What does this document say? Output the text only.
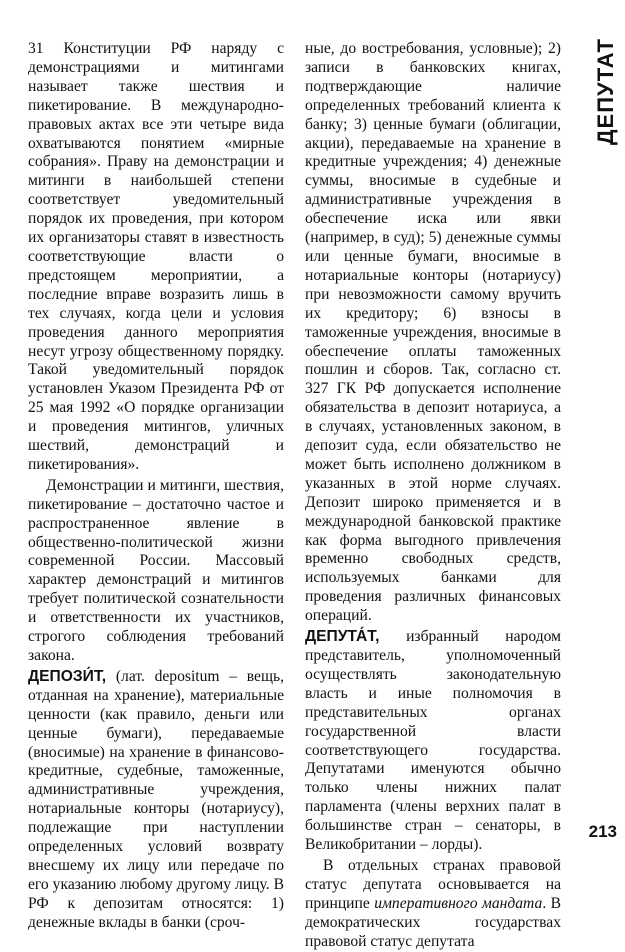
ДЕПУТАТ

31 Конституции РФ наряду с демонстрациями и митингами называет также шествия и пикетирование. В международно-правовых актах все эти четыре вида охватываются понятием «мирные собрания». Праву на демонстрации и митинги в наибольшей степени соответствует уведомительный порядок их проведения, при котором их организаторы ставят в известность соответствующие власти о предстоящем мероприятии, а последние вправе возразить лишь в тех случаях, когда цели и условия проведения данного мероприятия несут угрозу общественному порядку. Такой уведомительный порядок установлен Указом Президента РФ от 25 мая 1992 «О порядке организации и проведения митингов, уличных шествий, демонстраций и пикетирования».

Демонстрации и митинги, шествия, пикетирование – достаточно частое и распространенное явление в общественно-политической жизни современной России. Массовый характер демонстраций и митингов требует политической сознательности и ответственности их участников, строгого соблюдения требований закона.

ДЕПОЗИ́Т, (лат. depositum – вещь, отданная на хранение), материальные ценности (как правило, деньги или ценные бумаги), передаваемые (вносимые) на хранение в финансово-кредитные, судебные, таможенные, административные учреждения, нотариальные конторы (нотариусу), подлежащие при наступлении определенных условий возврату внесшему их лицу или передаче по его указанию любому другому лицу. В РФ к депозитам относятся: 1) денежные вклады в банки (сроч-

ные, до востребования, условные); 2) записи в банковских книгах, подтверждающие наличие определенных требований клиента к банку; 3) ценные бумаги (облигации, акции), передаваемые на хранение в кредитные учреждения; 4) денежные суммы, вносимые в судебные и административные учреждения в обеспечение иска или явки (например, в суд); 5) денежные суммы или ценные бумаги, вносимые в нотариальные конторы (нотариусу) при невозможности самому вручить их кредитору; 6) взносы в таможенные учреждения, вносимые в обеспечение оплаты таможенных пошлин и сборов. Так, согласно ст. 327 ГК РФ допускается исполнение обязательства в депозит нотариуса, а в случаях, установленных законом, в депозит суда, если обязательство не может быть исполнено должником в указанных в этой норме случаях. Депозит широко применяется и в международной банковской практике как форма выгодного привлечения временно свободных средств, используемых банками для проведения различных финансовых операций.

ДЕПУТА́Т, избранный народом представитель, уполномоченный осуществлять законодательную власть и иные полномочия в представительных органах государственной власти соответствующего государства. Депутатами именуются обычно только члены нижних палат парламента (члены верхних палат в большинстве стран – сенаторы, в Великобритании – лорды).

В отдельных странах правовой статус депутата основывается на принципе императивного мандата. В демократических государствах правовой статус депутата

213
